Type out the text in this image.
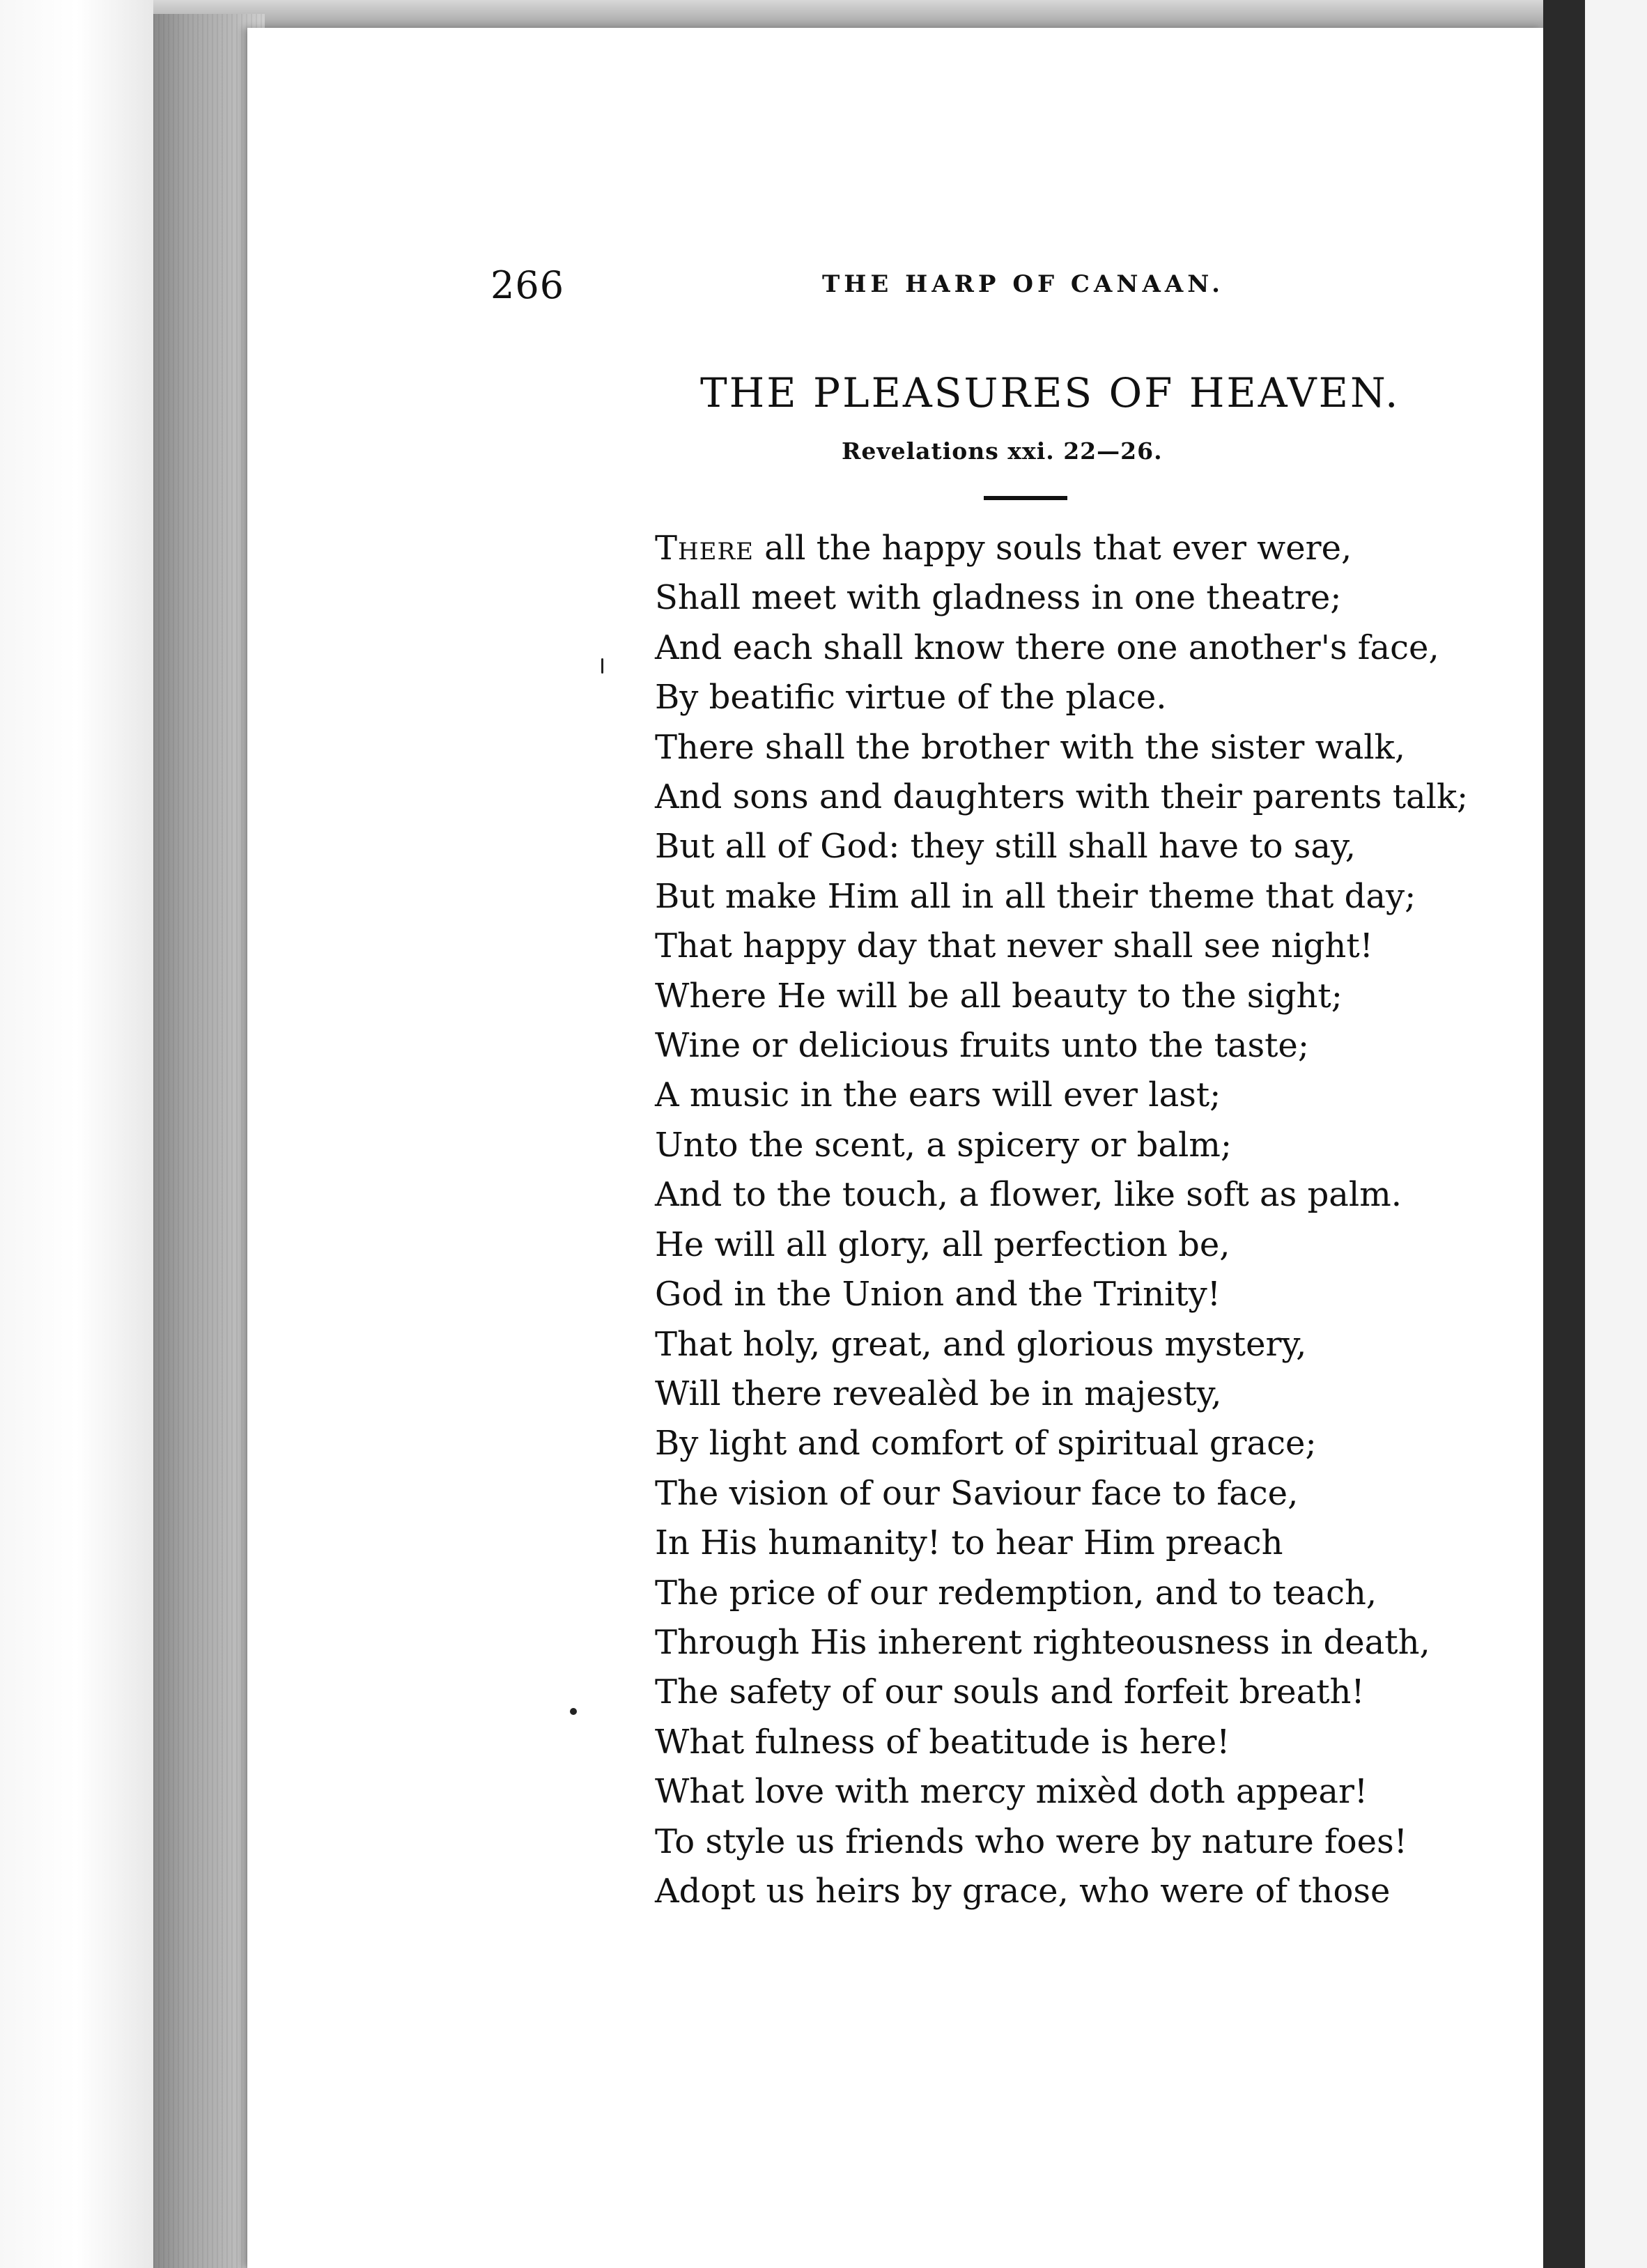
266	THE HARP OF CANAAN.
THE PLEASURES OF HEAVEN.
Revelations xxi. 22—26.
There all the happy souls that ever were,
Shall meet with gladness in one theatre;
And each shall know there one another's face,
By beatific virtue of the place.
There shall the brother with the sister walk,
And sons and daughters with their parents talk;
But all of God: they still shall have to say,
But make Him all in all their theme that day;
That happy day that never shall see night!
Where He will be all beauty to the sight;
Wine or delicious fruits unto the taste;
A music in the ears will ever last;
Unto the scent, a spicery or balm;
And to the touch, a flower, like soft as palm.
He will all glory, all perfection be,
God in the Union and the Trinity!
That holy, great, and glorious mystery,
Will there revealèd be in majesty,
By light and comfort of spiritual grace;
The vision of our Saviour face to face,
In His humanity! to hear Him preach
The price of our redemption, and to teach,
Through His inherent righteousness in death,
The safety of our souls and forfeit breath!
What fulness of beatitude is here!
What love with mercy mixèd doth appear!
To style us friends who were by nature foes!
Adopt us heirs by grace, who were of those
